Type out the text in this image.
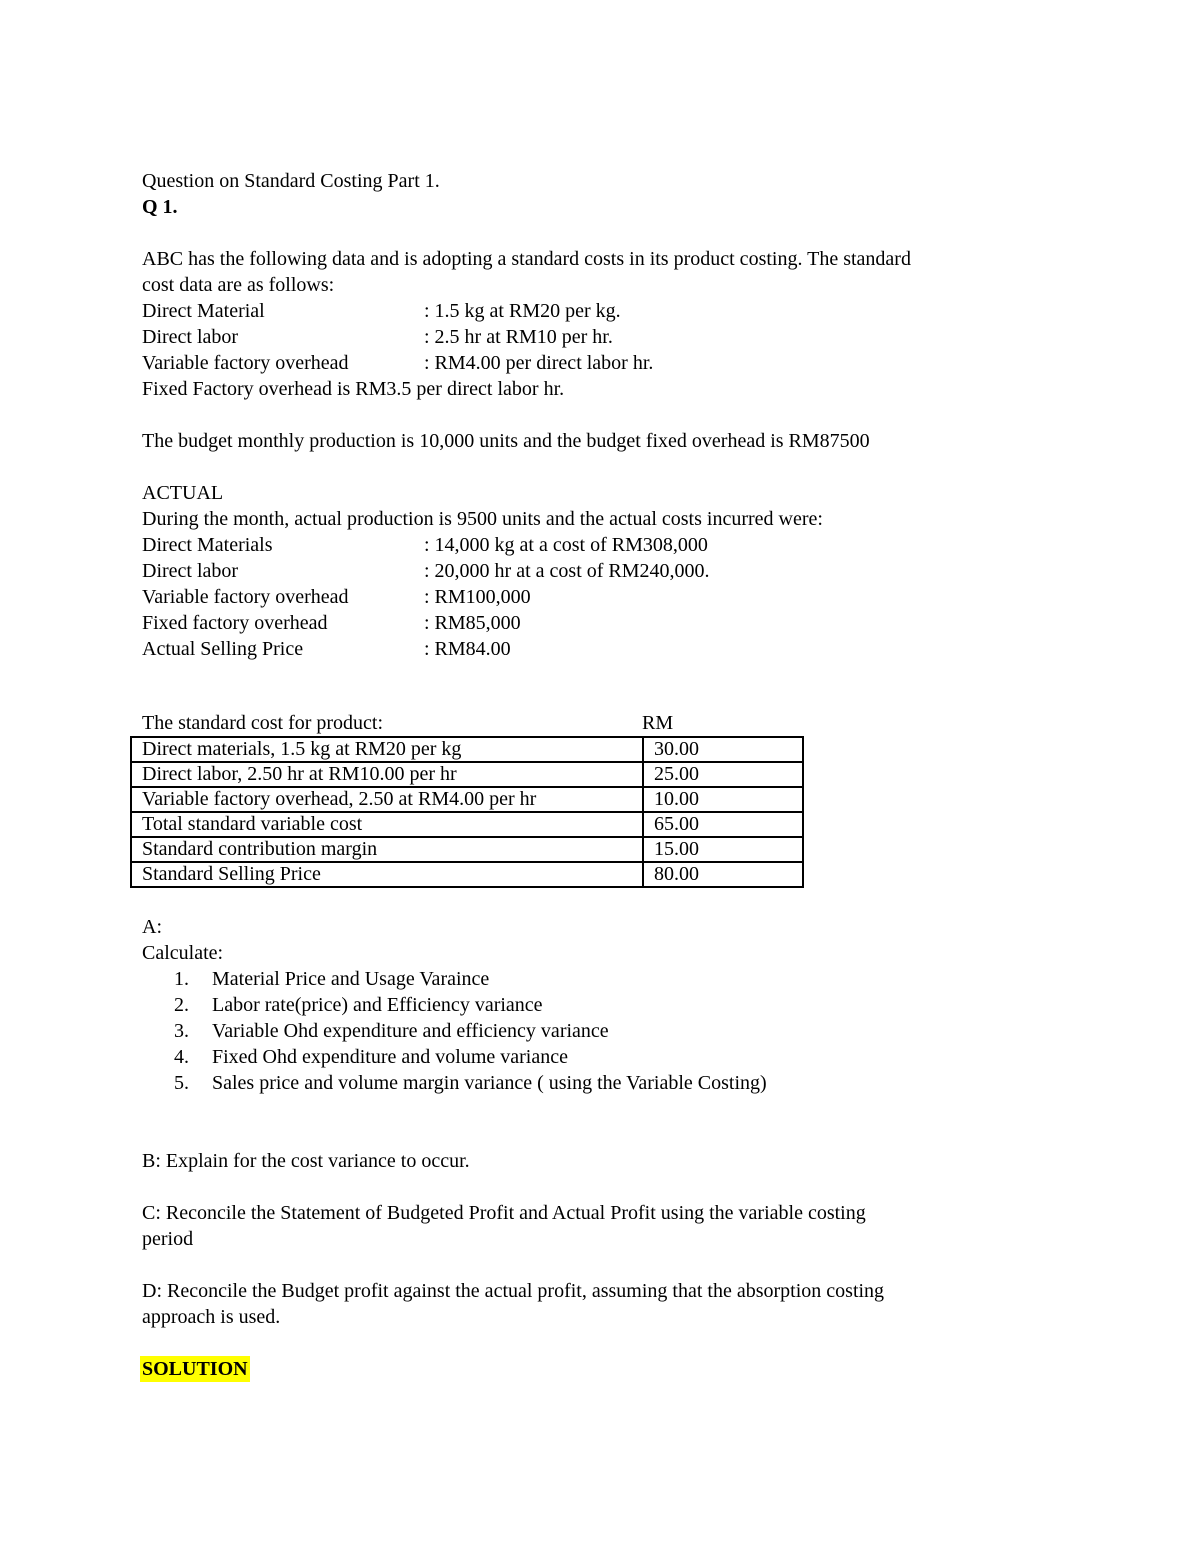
Question on Standard Costing Part 1.
Q 1.
ABC has the following data and is adopting a standard costs in its product costing. The standard
cost data are as follows:
Direct Material	: 1.5 kg at RM20 per kg.
Direct labor	: 2.5 hr at RM10 per hr.
Variable factory overhead	: RM4.00 per direct labor hr.
Fixed Factory overhead is RM3.5 per direct labor hr.
The budget monthly production is 10,000 units and the budget fixed overhead is RM87500
ACTUAL
During the month, actual production is 9500 units and the actual costs incurred were:
Direct Materials	: 14,000 kg at a cost of RM308,000
Direct labor	: 20,000 hr at a cost of RM240,000.
Variable factory overhead	: RM100,000
Fixed factory overhead	: RM85,000
Actual Selling Price	: RM84.00
The standard cost for product:	RM
Direct materials, 1.5 kg at RM20 per kg	30.00
Direct labor, 2.50 hr at RM10.00 per hr	25.00
Variable factory overhead, 2.50 at RM4.00 per hr	10.00
Total standard variable cost	65.00
Standard contribution margin	15.00
Standard Selling Price	80.00
A:
Calculate:
1.	Material Price and Usage Varaince
2.	Labor rate(price) and Efficiency variance
3.	Variable Ohd expenditure and efficiency variance
4.	Fixed Ohd expenditure and volume variance
5.	Sales price and volume margin variance ( using the Variable Costing)
B: Explain for the cost variance to occur.
C: Reconcile the Statement of Budgeted Profit and Actual Profit using the variable costing
period
D: Reconcile the Budget profit against the actual profit, assuming that the absorption costing
approach is used.
SOLUTION
